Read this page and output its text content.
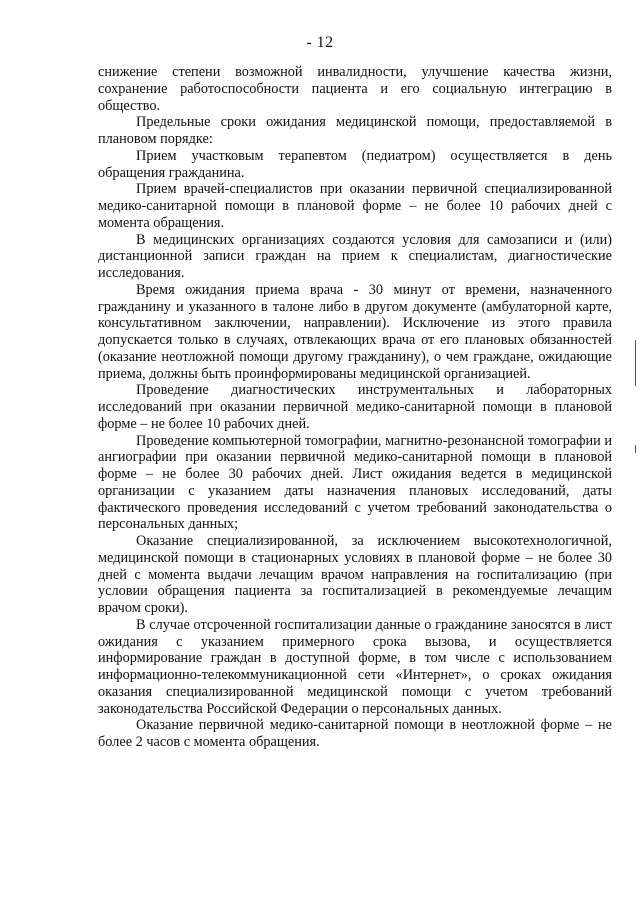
- 12

снижение степени возможной инвалидности, улучшение качества жизни, сохранение работоспособности пациента и его социальную интеграцию в общество.

Предельные сроки ожидания медицинской помощи, предоставляемой в плановом порядке:

Прием участковым терапевтом (педиатром) осуществляется в день обращения гражданина.

Прием врачей-специалистов при оказании первичной специализированной медико-санитарной помощи в плановой форме – не более 10 рабочих дней с момента обращения.

В медицинских организациях создаются условия для самозаписи и (или) дистанционной записи граждан на прием к специалистам, диагностические исследования.

Время ожидания приема врача - 30 минут от времени, назначенного гражданину и указанного в талоне либо в другом документе (амбулаторной карте, консультативном заключении, направлении). Исключение из этого правила допускается только в случаях, отвлекающих врача от его плановых обязанностей (оказание неотложной помощи другому гражданину), о чем граждане, ожидающие приема, должны быть проинформированы медицинской организацией.

Проведение диагностических инструментальных и лабораторных исследований при оказании первичной медико-санитарной помощи в плановой форме – не более 10 рабочих дней.

Проведение компьютерной томографии, магнитно-резонансной томографии и ангиографии при оказании первичной медико-санитарной помощи в плановой форме – не более 30 рабочих дней. Лист ожидания ведется в медицинской организации с указанием даты назначения плановых исследований, даты фактического проведения исследований с учетом требований законодательства о персональных данных;

Оказание специализированной, за исключением высокотехнологичной, медицинской помощи в стационарных условиях в плановой форме – не более 30 дней с момента выдачи лечащим врачом направления на госпитализацию (при условии обращения пациента за госпитализацией в рекомендуемые лечащим врачом сроки).

В случае отсроченной госпитализации данные о гражданине заносятся в лист ожидания с указанием примерного срока вызова, и осуществляется информирование граждан в доступной форме, в том числе с использованием информационно-телекоммуникационной сети «Интернет», о сроках ожидания оказания специализированной медицинской помощи с учетом требований законодательства Российской Федерации о персональных данных.

Оказание первичной медико-санитарной помощи в неотложной форме – не более 2 часов с момента обращения.
